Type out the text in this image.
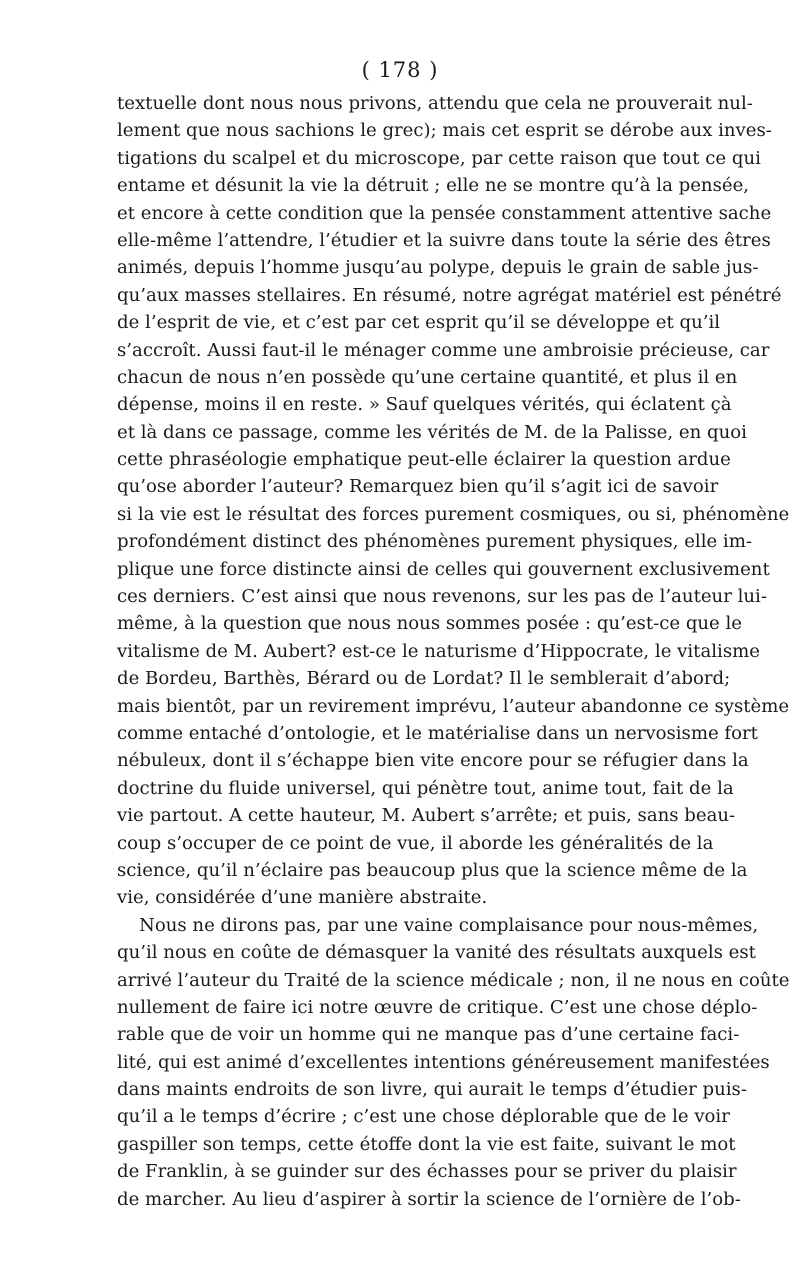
( 178 )
textuelle dont nous nous privons, attendu que cela ne prouverait nul-
lement que nous sachions le grec); mais cet esprit se dérobe aux inves-
tigations du scalpel et du microscope, par cette raison que tout ce qui
entame et désunit la vie la détruit ; elle ne se montre qu’à la pensée,
et encore à cette condition que la pensée constamment attentive sache
elle-même l’attendre, l’étudier et la suivre dans toute la série des êtres
animés, depuis l’homme jusqu’au polype, depuis le grain de sable jus-
qu’aux masses stellaires. En résumé, notre agrégat matériel est pénétré
de l’esprit de vie, et c’est par cet esprit qu’il se développe et qu’il
s’accroît. Aussi faut-il le ménager comme une ambroisie précieuse, car
chacun de nous n’en possède qu’une certaine quantité, et plus il en
dépense, moins il en reste. » Sauf quelques vérités, qui éclatent çà
et là dans ce passage, comme les vérités de M. de la Palisse, en quoi
cette phraséologie emphatique peut-elle éclairer la question ardue
qu’ose aborder l’auteur? Remarquez bien qu’il s’agit ici de savoir
si la vie est le résultat des forces purement cosmiques, ou si, phénomène
profondément distinct des phénomènes purement physiques, elle im-
plique une force distincte ainsi de celles qui gouvernent exclusivement
ces derniers. C’est ainsi que nous revenons, sur les pas de l’auteur lui-
même, à la question que nous nous sommes posée : qu’est-ce que le
vitalisme de M. Aubert? est-ce le naturisme d’Hippocrate, le vitalisme
de Bordeu, Barthès, Bérard ou de Lordat? Il le semblerait d’abord;
mais bientôt, par un revirement imprévu, l’auteur abandonne ce système
comme entaché d’ontologie, et le matérialise dans un nervosisme fort
nébuleux, dont il s’échappe bien vite encore pour se réfugier dans la
doctrine du fluide universel, qui pénètre tout, anime tout, fait de la
vie partout. A cette hauteur, M. Aubert s’arrête; et puis, sans beau-
coup s’occuper de ce point de vue, il aborde les généralités de la
science, qu’il n’éclaire pas beaucoup plus que la science même de la
vie, considérée d’une manière abstraite.
Nous ne dirons pas, par une vaine complaisance pour nous-mêmes,
qu’il nous en coûte de démasquer la vanité des résultats auxquels est
arrivé l’auteur du Traité de la science médicale ; non, il ne nous en coûte
nullement de faire ici notre œuvre de critique. C’est une chose déplo-
rable que de voir un homme qui ne manque pas d’une certaine faci-
lité, qui est animé d’excellentes intentions généreusement manifestées
dans maints endroits de son livre, qui aurait le temps d’étudier puis-
qu’il a le temps d’écrire ; c’est une chose déplorable que de le voir
gaspiller son temps, cette étoffe dont la vie est faite, suivant le mot
de Franklin, à se guinder sur des échasses pour se priver du plaisir
de marcher. Au lieu d’aspirer à sortir la science de l’ornière de l’ob-
